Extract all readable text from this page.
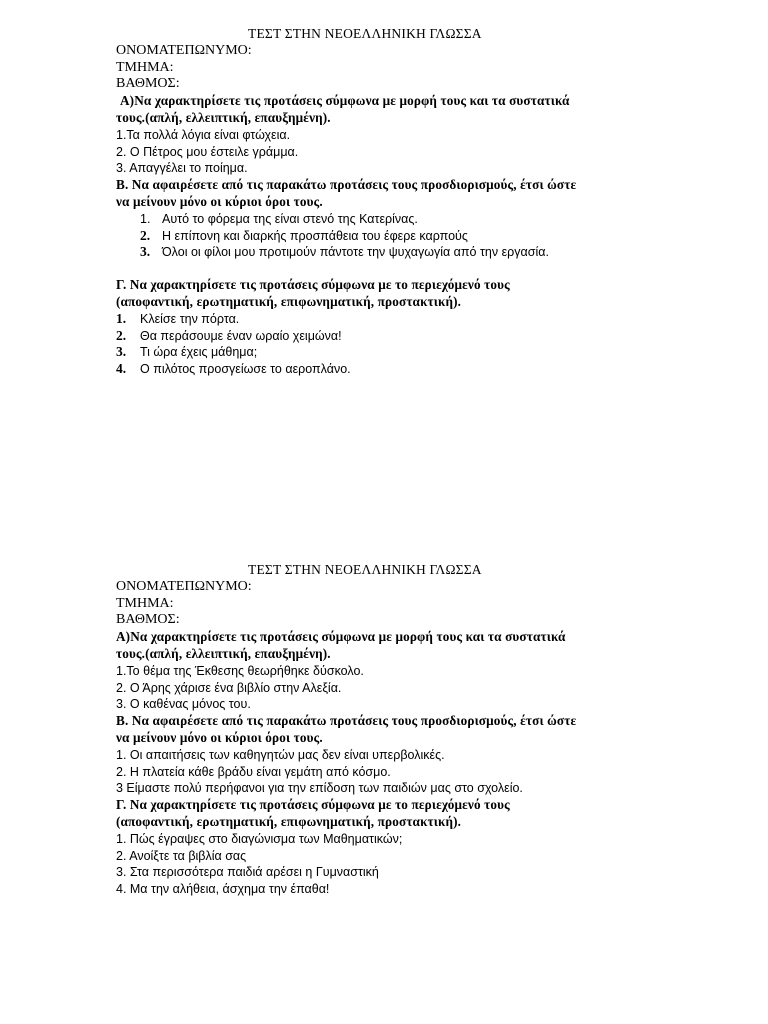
ΤΕΣΤ ΣΤΗΝ ΝΕΟΕΛΛΗΝΙΚΗ ΓΛΩΣΣΑ
ΟΝΟΜΑΤΕΠΩΝΥΜΟ:
ΤΜΗΜΑ:
ΒΑΘΜΟΣ:
Α)Να χαρακτηρίσετε τις προτάσεις σύμφωνα με μορφή τους και τα συστατικά
τους.(απλή, ελλειπτική, επαυξημένη).
1.Τα πολλά λόγια είναι φτώχεια.
2. Ο Πέτρος μου έστειλε γράμμα.
3. Απαγγέλει το ποίημα.
Β. Να αφαιρέσετε από τις παρακάτω προτάσεις τους προσδιορισμούς, έτσι ώστε
να μείνουν μόνο οι κύριοι όροι τους.
1. Αυτό το φόρεμα της είναι στενό της Κατερίνας.
2. Η επίπονη και διαρκής προσπάθεια του έφερε καρπούς
3. Όλοι οι φίλοι μου προτιμούν πάντοτε την ψυχαγωγία από την εργασία.
Γ. Να χαρακτηρίσετε τις προτάσεις σύμφωνα με το περιεχόμενό τους
(αποφαντική, ερωτηματική, επιφωνηματική, προστακτική).
1.	Κλείσε την πόρτα.
2.	Θα περάσουμε έναν ωραίο χειμώνα!
3.	Τι ώρα έχεις μάθημα;
4.	Ο πιλότος προσγείωσε το αεροπλάνο.
ΤΕΣΤ ΣΤΗΝ ΝΕΟΕΛΛΗΝΙΚΗ ΓΛΩΣΣΑ
ΟΝΟΜΑΤΕΠΩΝΥΜΟ:
ΤΜΗΜΑ:
ΒΑΘΜΟΣ:
Α)Να χαρακτηρίσετε τις προτάσεις σύμφωνα με μορφή τους και τα συστατικά
τους.(απλή, ελλειπτική, επαυξημένη).
1.Το θέμα της Έκθεσης θεωρήθηκε δύσκολο.
2. Ο Άρης χάρισε ένα βιβλίο στην Αλεξία.
3. Ο καθένας μόνος του.
Β. Να αφαιρέσετε από τις παρακάτω προτάσεις τους προσδιορισμούς, έτσι ώστε
να μείνουν μόνο οι κύριοι όροι τους.
1. Οι απαιτήσεις των καθηγητών μας δεν είναι υπερβολικές.
2. Η πλατεία κάθε βράδυ είναι γεμάτη από κόσμο.
3 Είμαστε πολύ περήφανοι για την επίδοση των παιδιών μας στο σχολείο.
Γ. Να χαρακτηρίσετε τις προτάσεις σύμφωνα με το περιεχόμενό τους
(αποφαντική, ερωτηματική, επιφωνηματική, προστακτική).
1. Πώς έγραψες στο διαγώνισμα των Μαθηματικών;
2. Ανοίξτε τα βιβλία σας
3. Στα περισσότερα παιδιά αρέσει η Γυμναστική
4. Μα την αλήθεια, άσχημα την έπαθα!
